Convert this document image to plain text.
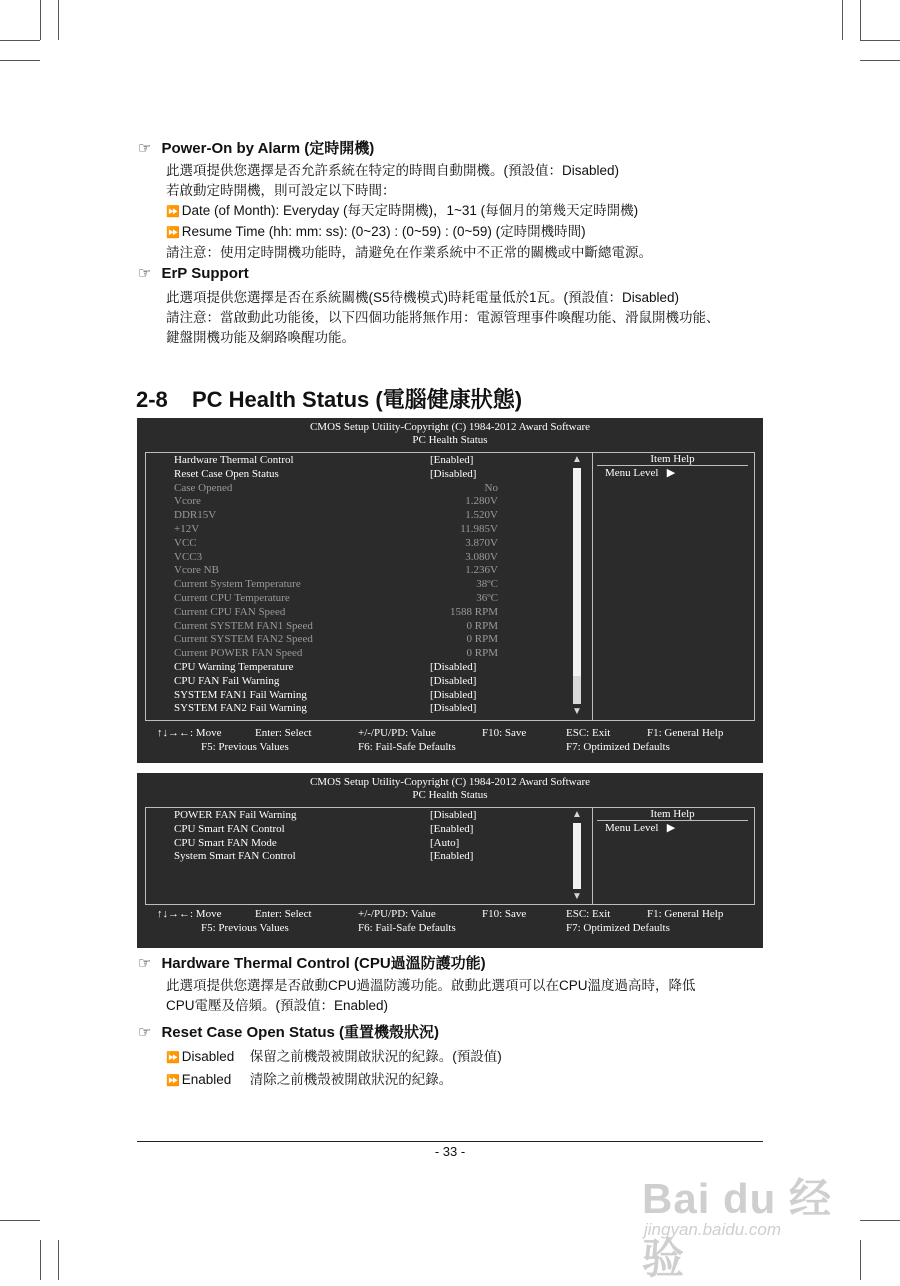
☞ Power-On by Alarm (定時開機)
此選項提供您選擇是否允許系統在特定的時間自動開機。(預設值：Disabled)
若啟動定時開機，則可設定以下時間：
⏩ Date (of Month): Everyday (每天定時開機)，1~31 (每個月的第幾天定時開機)
⏩ Resume Time (hh: mm: ss): (0~23) : (0~59) : (0~59) (定時開機時間)
請注意：使用定時開機功能時，請避免在作業系統中不正常的關機或中斷總電源。
☞ ErP Support
此選項提供您選擇是否在系統關機(S5待機模式)時耗電量低於1瓦。(預設值：Disabled)
請注意：當啟動此功能後，以下四個功能將無作用：電源管理事件喚醒功能、滑鼠開機功能、
鍵盤開機功能及網路喚醒功能。
2-8 PC Health Status (電腦健康狀態)
CMOS Setup Utility-Copyright (C) 1984-2012 Award Software
PC Health Status
Hardware Thermal Control	[Enabled]
Reset Case Open Status	[Disabled]
Case Opened	No
Vcore	1.280V
DDR15V	1.520V
+12V	11.985V
VCC	3.870V
VCC3	3.080V
Vcore NB	1.236V
Current System Temperature	38ºC
Current CPU Temperature	36ºC
Current CPU FAN Speed	1588 RPM
Current SYSTEM FAN1 Speed	0 RPM
Current SYSTEM FAN2 Speed	0 RPM
Current POWER FAN Speed	0 RPM
CPU Warning Temperature	[Disabled]
CPU FAN Fail Warning	[Disabled]
SYSTEM FAN1 Fail Warning	[Disabled]
SYSTEM FAN2 Fail Warning	[Disabled]
▲
▼
Item Help
Menu Level ▶
↑↓→←: Move	Enter: Select	+/-/PU/PD: Value	F10: Save	ESC: Exit	F1: General Help
F5: Previous Values	F6: Fail-Safe Defaults	F7: Optimized Defaults
CMOS Setup Utility-Copyright (C) 1984-2012 Award Software
PC Health Status
POWER FAN Fail Warning	[Disabled]
CPU Smart FAN Control	[Enabled]
CPU Smart FAN Mode	[Auto]
System Smart FAN Control	[Enabled]
▲
▼
Item Help
Menu Level ▶
↑↓→←: Move	Enter: Select	+/-/PU/PD: Value	F10: Save	ESC: Exit	F1: General Help
F5: Previous Values	F6: Fail-Safe Defaults	F7: Optimized Defaults
☞ Hardware Thermal Control (CPU過溫防護功能)
此選項提供您選擇是否啟動CPU過溫防護功能。啟動此選項可以在CPU溫度過高時，降低
CPU電壓及倍頻。(預設值：Enabled)
☞ Reset Case Open Status (重置機殼狀況)
⏩ Disabled 保留之前機殼被開啟狀況的紀錄。(預設值)
⏩ Enabled 清除之前機殼被開啟狀況的紀錄。
- 33 -
Bai du 经验
jingyan.baidu.com
